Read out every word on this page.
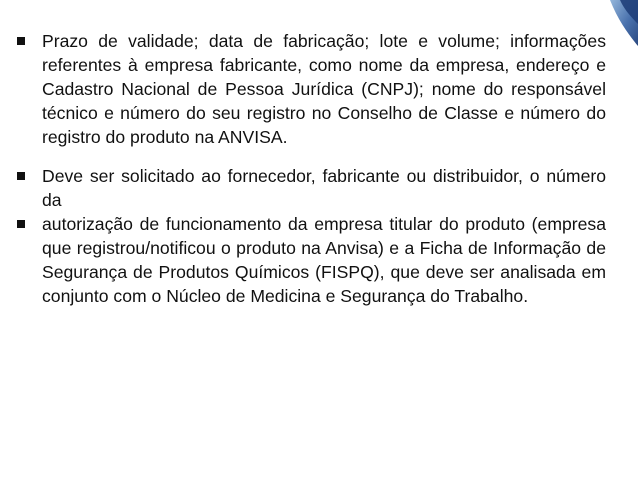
Prazo de validade; data de fabricação; lote e volume; informações referentes à empresa fabricante, como nome da empresa, endereço e Cadastro Nacional de Pessoa Jurídica (CNPJ); nome do responsável técnico e número do seu registro no Conselho de Classe e número do registro do produto na ANVISA.

Deve ser solicitado ao fornecedor, fabricante ou distribuidor, o número da

autorização de funcionamento da empresa titular do produto (empresa que registrou/notificou o produto na Anvisa) e a Ficha de Informação de Segurança de Produtos Químicos (FISPQ), que deve ser analisada em conjunto com o Núcleo de Medicina e Segurança do Trabalho.
